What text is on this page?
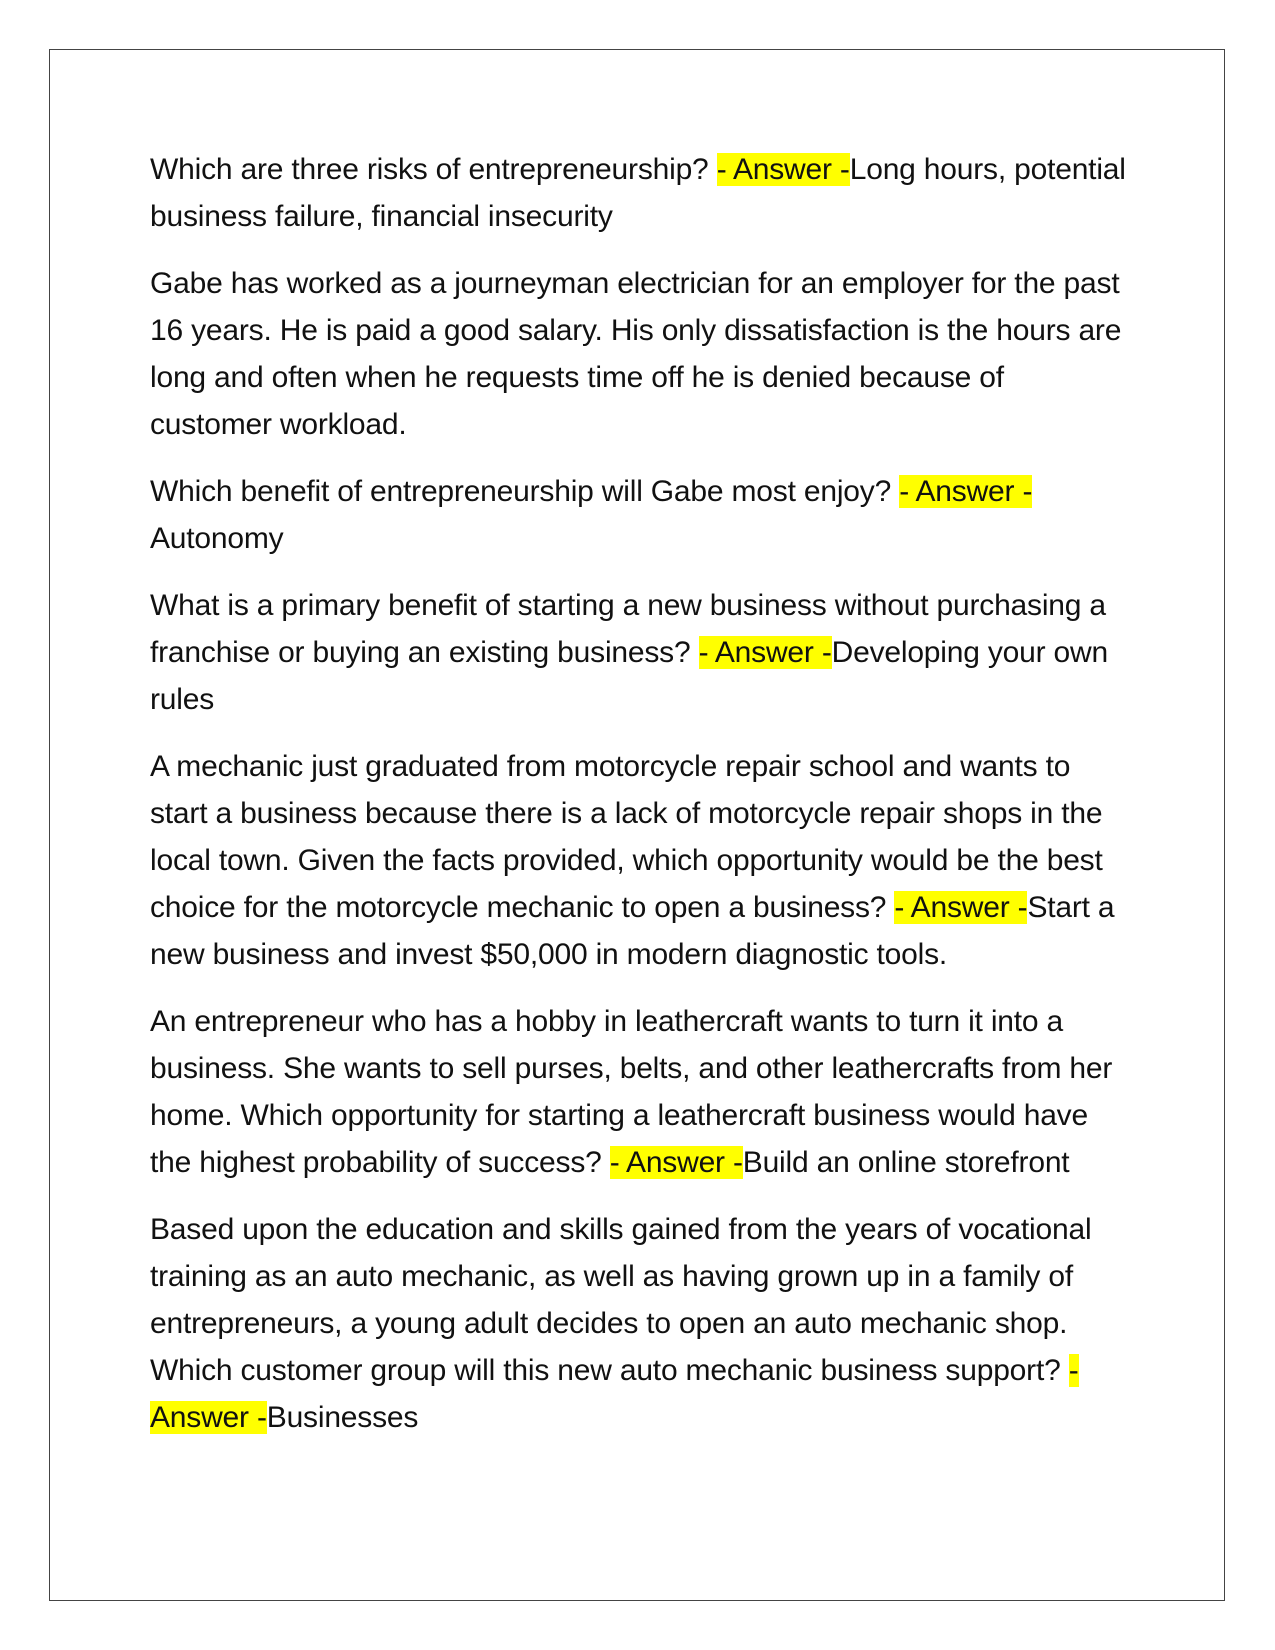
Which are three risks of entrepreneurship? - Answer -Long hours, potential business failure, financial insecurity

Gabe has worked as a journeyman electrician for an employer for the past 16 years. He is paid a good salary. His only dissatisfaction is the hours are long and often when he requests time off he is denied because of customer workload.

Which benefit of entrepreneurship will Gabe most enjoy? - Answer -Autonomy

What is a primary benefit of starting a new business without purchasing a franchise or buying an existing business? - Answer -Developing your own rules

A mechanic just graduated from motorcycle repair school and wants to start a business because there is a lack of motorcycle repair shops in the local town. Given the facts provided, which opportunity would be the best choice for the motorcycle mechanic to open a business? - Answer -Start a new business and invest $50,000 in modern diagnostic tools.

An entrepreneur who has a hobby in leathercraft wants to turn it into a business. She wants to sell purses, belts, and other leathercrafts from her home. Which opportunity for starting a leathercraft business would have the highest probability of success? - Answer -Build an online storefront

Based upon the education and skills gained from the years of vocational training as an auto mechanic, as well as having grown up in a family of entrepreneurs, a young adult decides to open an auto mechanic shop. Which customer group will this new auto mechanic business support? - Answer -Businesses
